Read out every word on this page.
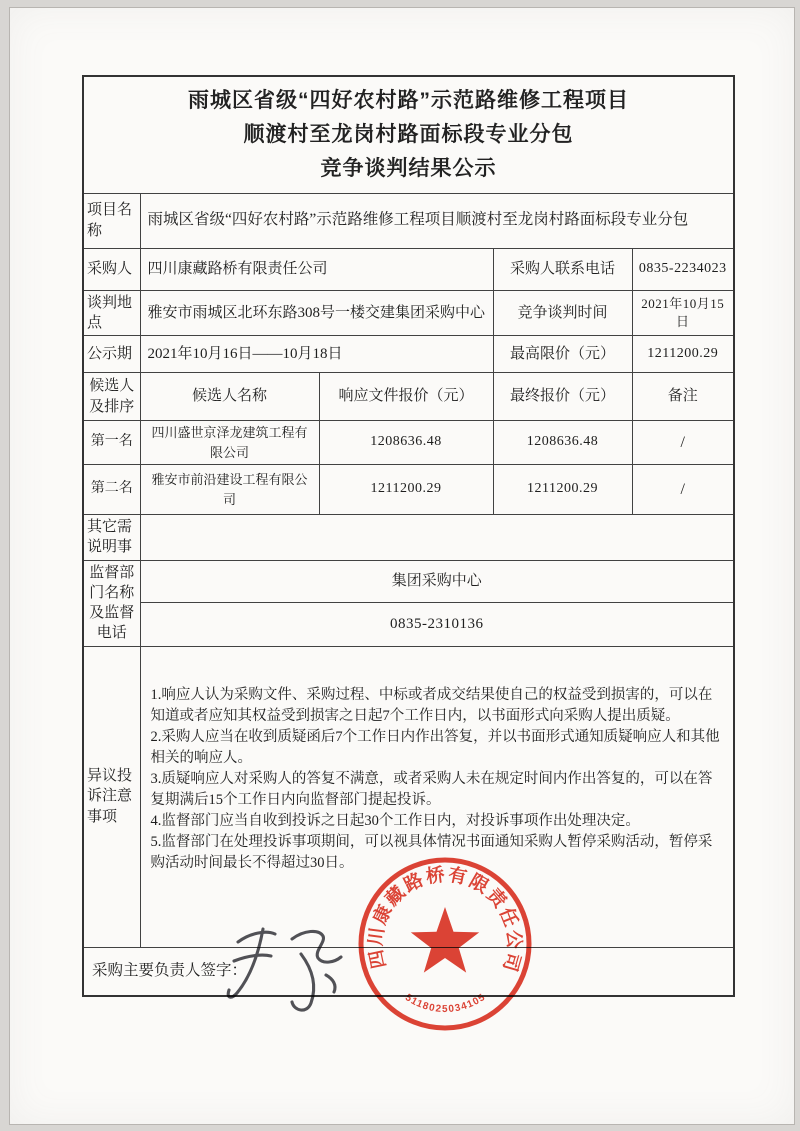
雨城区省级“四好农村路”示范路维修工程项目
顺渡村至龙岗村路面标段专业分包
竞争谈判结果公示				

项目名称	雨城区省级“四好农村路”示范路维修工程项目顺渡村至龙岗村路面标段专业分包			
采购人	四川康藏路桥有限责任公司		采购人联系电话	0835-2234023
谈判地点	雅安市雨城区北环东路308号一楼交建集团采购中心		竞争谈判时间	2021年10月15日
公示期	2021年10月16日——10月18日		最高限价（元）	1211200.29
候选人及排序	候选人名称	响应文件报价（元）	最终报价（元）	备注
第一名	四川盛世京泽龙建筑工程有限公司	1208636.48	1208636.48	/
第二名	雅安市前沿建设工程有限公司	1211200.29	1211200.29	/
其它需说明事				
监督部门名称及监督电话	集团采购中心			
	0835-2310136			
异议投诉注意事项	1.响应人认为采购文件、采购过程、中标或者成交结果使自己的权益受到损害的，可以在知道或者应知其权益受到损害之日起7个工作日内，以书面形式向采购人提出质疑。

2.采购人应当在收到质疑函后7个工作日内作出答复，并以书面形式通知质疑响应人和其他相关的响应人。

3.质疑响应人对采购人的答复不满意，或者采购人未在规定时间内作出答复的，可以在答复期满后15个工作日内向监督部门提起投诉。

4.监督部门应当自收到投诉之日起30个工作日内，对投诉事项作出处理决定。

5.监督部门在处理投诉事项期间，可以视具体情况书面通知采购人暂停采购活动，暂停采购活动时间最长不得超过30日。			

采购主要负责人签字：					四川康藏路桥有限责任公司
5118025034105
